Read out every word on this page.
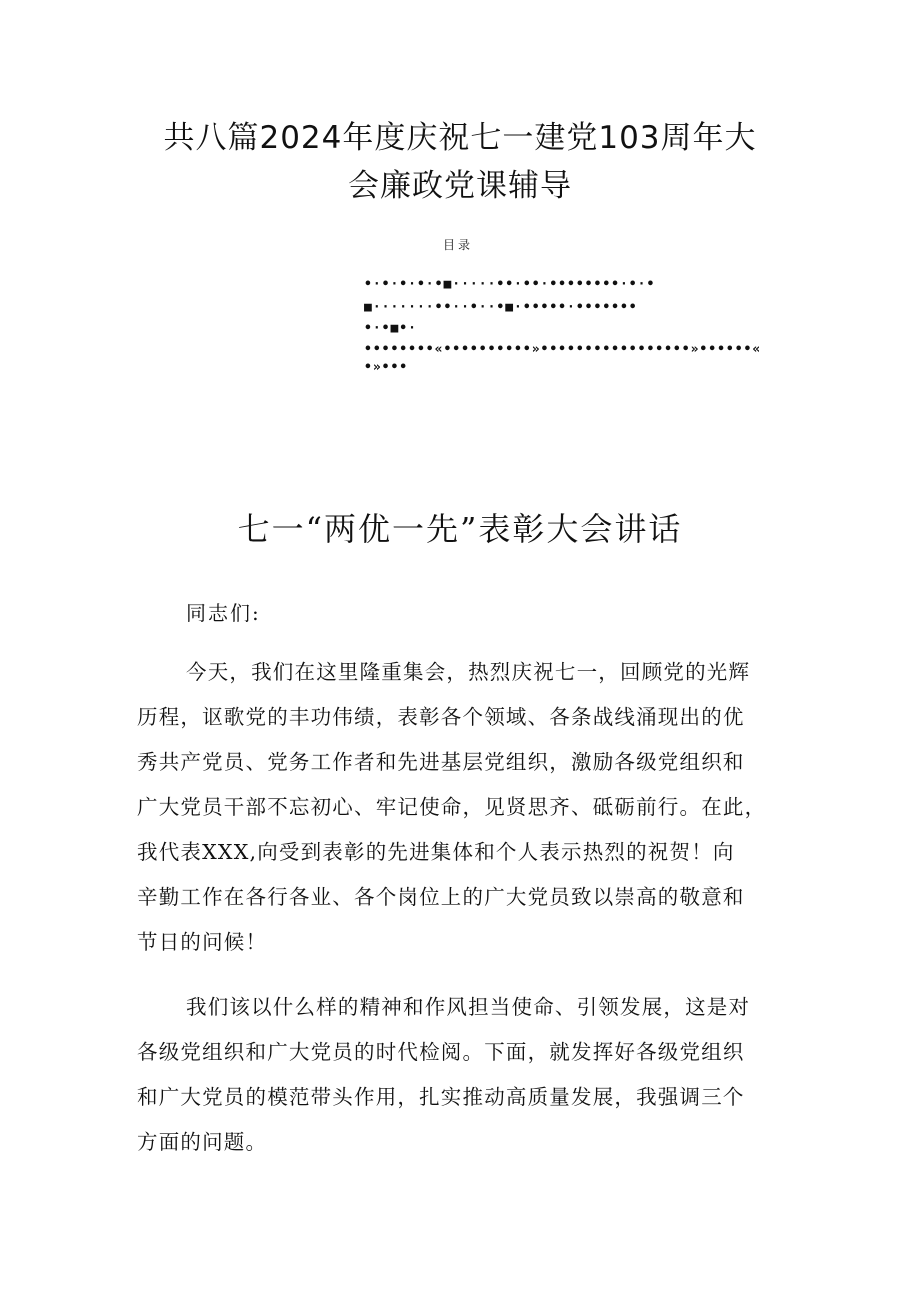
共八篇2024年度庆祝七一建党103周年大
会廉政党课辅导
目录
•·•·•·•·•■·····••·••·••••••••·•·•
■·······••··•··•■·•••••·•••••••
•·•■•·
••••••••«••••••••••»•••••••••••••••••»••••••«
•»•••
七一“两优一先”表彰大会讲话
同志们:
今天，我们在这里隆重集会，热烈庆祝七一，回顾党的光辉
历程，讴歌党的丰功伟绩，表彰各个领域、各条战线涌现出的优
秀共产党员、党务工作者和先进基层党组织，激励各级党组织和
广大党员干部不忘初心、牢记使命，见贤思齐、砥砺前行。在此，
我代表XXX,向受到表彰的先进集体和个人表示热烈的祝贺！向
辛勤工作在各行各业、各个岗位上的广大党员致以崇高的敬意和
节日的问候！
我们该以什么样的精神和作风担当使命、引领发展，这是对
各级党组织和广大党员的时代检阅。下面，就发挥好各级党组织
和广大党员的模范带头作用，扎实推动高质量发展，我强调三个
方面的问题。
